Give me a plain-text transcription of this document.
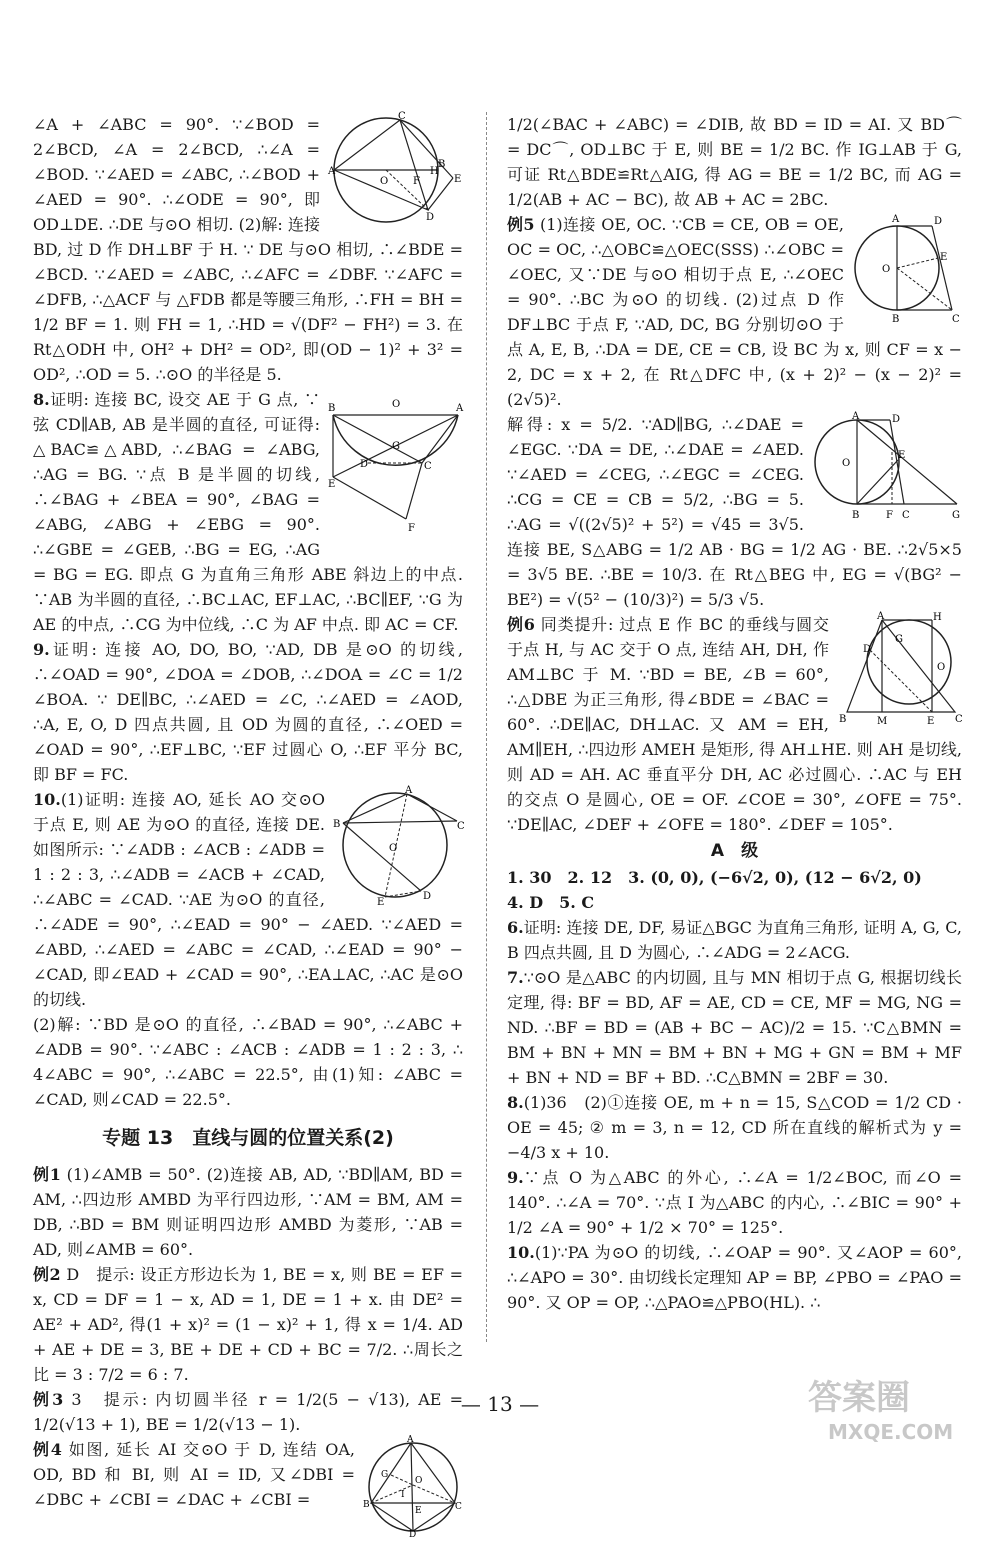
A
C
O F
H
E
D
B

∠A + ∠ABC = 90°. ∵∠BOD = 2∠BCD, ∠A = 2∠BCD, ∴∠A = ∠BOD. ∵∠AED = ∠ABC, ∴∠BOD + ∠AED = 90°. ∴∠ODE = 90°, 即 OD⊥DE. ∴DE 与⊙O 相切. (2)解: 连接 BD, 过 D 作 DH⊥BF 于 H. ∵ DE 与⊙O 相切, ∴∠BDE = ∠BCD. ∵∠AED = ∠ABC, ∴∠AFC = ∠DBF. ∵∠AFC = ∠DFB, ∴△ACF 与 △FDB 都是等腰三角形, ∴FH = BH = 1/2 BF = 1. 则 FH = 1, ∴HD = √(DF² − FH²) = 3. 在 Rt△ODH 中, OH² + DH² = OD², 即(OD − 1)² + 3² = OD², ∴OD = 5. ∴⊙O 的半径是 5.

B	O	A
G
C
D
E
F

8.证明: 连接 BC, 设交 AE 于 G 点, ∵弦 CD∥AB, AB 是半圆的直径, 可证得: △BAC≌△ABD, ∴∠BAG = ∠ABG, ∴AG = BG. ∵点 B 是半圆的切线, ∴∠BAG + ∠BEA = 90°, ∠BAG = ∠ABG, ∠ABG + ∠EBG = 90°. ∴∠GBE = ∠GEB, ∴BG = EG, ∴AG = BG = EG. 即点 G 为直角三角形 ABE 斜边上的中点. ∵AB 为半圆的直径, ∴BC⊥AC, EF⊥AC, ∴BC∥EF, ∵G 为 AE 的中点, ∴CG 为中位线, ∴C 为 AF 中点. 即 AC = CF.

9.证明: 连接 AO, DO, BO, ∵AD, DB 是⊙O 的切线, ∴∠OAD = 90°, ∠DOA = ∠DOB, ∴∠DOA = ∠C = 1/2 ∠BOA. ∵ DE∥BC, ∴∠AED = ∠C, ∴∠AED = ∠AOD, ∴A, E, O, D 四点共圆, 且 OD 为圆的直径, ∴∠OED = ∠OAD = 90°, ∴EF⊥BC, ∵EF 过圆心 O, ∴EF 平分 BC, 即 BF = FC.

B
A
C
O
D
E

10.(1)证明: 连接 AO, 延长 AO 交⊙O 于点 E, 则 AE 为⊙O 的直径, 连接 DE. 如图所示: ∵∠ADB : ∠ACB : ∠ADB = 1 : 2 : 3, ∴∠ADB = ∠ACB + ∠CAD, ∴∠ABC = ∠CAD. ∵AE 为⊙O 的直径, ∴∠ADE = 90°, ∴∠EAD = 90° − ∠AED. ∵∠AED = ∠ABD, ∴∠AED = ∠ABC = ∠CAD, ∴∠EAD = 90° − ∠CAD, 即∠EAD + ∠CAD = 90°, ∴EA⊥AC, ∴AC 是⊙O 的切线.

(2)解: ∵BD 是⊙O 的直径, ∴∠BAD = 90°, ∴∠ABC + ∠ADB = 90°. ∵∠ABC : ∠ACB : ∠ADB = 1 : 2 : 3, ∴ 4∠ABC = 90°, ∴∠ABC = 22.5°, 由(1)知: ∠ABC = ∠CAD, 则∠CAD = 22.5°.

专题 13　直线与圆的位置关系(2)

例1 (1)∠AMB = 50°. (2)连接 AB, AD, ∵BD∥AM, BD = AM, ∴四边形 AMBD 为平行四边形, ∵AM = BM, AM = DB, ∴BD = BM 则证明四边形 AMBD 为菱形, ∵AB = AD, 则∠AMB = 60°.

例2 D　提示: 设正方形边长为 1, BE = x, 则 BE = EF = x, CD = DF = 1 − x, AD = 1, DE = 1 + x. 由 DE² = AE² + AD², 得(1 + x)² = (1 − x)² + 1, 得 x = 1/4. AD + AE + DE = 3, BE + DE + CD + BC = 7/2. ∴周长之比 = 3 : 7/2 = 6 : 7.

例3 3　提示: 内切圆半径 r = 1/2(5 − √13), AE = 1/2(√13 + 1), BE = 1/2(√13 − 1).

A
G
O
I
B	C
E
D

例4 如图, 延长 AI 交⊙O 于 D, 连结 OA, OD, BD 和 BI, 则 AI = ID, 又∠DBI = ∠DBC + ∠CBI = ∠DAC + ∠CBI =

1/2(∠BAC + ∠ABC) = ∠DIB, 故 BD = ID = AI. 又 BD⌒ = DC⌒, OD⊥BC 于 E, 则 BE = 1/2 BC. 作 IG⊥AB 于 G, 可证 Rt△BDE≌Rt△AIG, 得 AG = BE = 1/2 BC, 而 AG = 1/2(AB + AC − BC), 故 AB + AC = 2BC.

A	D
O
E
B	C

例5 (1)连接 OE, OC. ∵CB = CE, OB = OE, OC = OC, ∴△OBC≌△OEC(SSS) ∴∠OBC = ∠OEC, 又∵DE 与⊙O 相切于点 E, ∴∠OEC = 90°. ∴BC 为⊙O 的切线. (2)过点 D 作 DF⊥BC 于点 F, ∵AD, DC, BG 分别切⊙O 于点 A, E, B, ∴DA = DE, CE = CB, 设 BC 为 x, 则 CF = x − 2, DC = x + 2, 在 Rt△DFC 中, (x + 2)² − (x − 2)² = (2√5)².

A	D
O
E
B	F C	G

解得: x = 5/2. ∵AD∥BG, ∴∠DAE = ∠EGC. ∵DA = DE, ∴∠DAE = ∠AED. ∵∠AED = ∠CEG, ∴∠EGC = ∠CEG. ∴CG = CE = CB = 5/2, ∴BG = 5. ∴AG = √((2√5)² + 5²) = √45 = 3√5. 连接 BE, S△ABG = 1/2 AB · BG = 1/2 AG · BE. ∴2√5×5 = 3√5 BE. ∴BE = 10/3. 在 Rt△BEG 中, EG = √(BG² − BE²) = √(5² − (10/3)²) = 5/3 √5.

A	H
D
G
O
B	M	E C

例6 同类提升: 过点 E 作 BC 的垂线与圆交于点 H, 与 AC 交于 O 点, 连结 AH, DH, 作 AM⊥BC 于 M. ∵BD = BE, ∠B = 60°, ∴△DBE 为正三角形, 得∠BDE = ∠BAC = 60°. ∴DE∥AC, DH⊥AC. 又 AM = EH, AM∥EH, ∴四边形 AMEH 是矩形, 得 AH⊥HE. 则 AH 是切线, 则 AD = AH. AC 垂直平分 DH, AC 必过圆心. ∴AC 与 EH 的交点 O 是圆心, OE = OF. ∠COE = 30°, ∠OFE = 75°. ∵DE∥AC, ∠DEF + ∠OFE = 180°. ∠DEF = 105°.

A　级

1. 30　2. 12　3. (0, 0), (−6√2, 0), (12 − 6√2, 0)

4. D　5. C

6.证明: 连接 DE, DF, 易证△BGC 为直角三角形, 证明 A, G, C, B 四点共圆, 且 D 为圆心, ∴∠ADG = 2∠ACG.

7.∵⊙O 是△ABC 的内切圆, 且与 MN 相切于点 G, 根据切线长定理, 得: BF = BD, AF = AE, CD = CE, MF = MG, NG = ND. ∴BF = BD = (AB + BC − AC)/2 = 15. ∵C△BMN = BM + BN + MN = BM + BN + MG + GN = BM + MF + BN + ND = BF + BD. ∴C△BMN = 2BF = 30.

8.(1)36　(2)①连接 OE, m + n = 15, S△COD = 1/2 CD · OE = 45; ② m = 3, n = 12, CD 所在直线的解析式为 y = −4/3 x + 10.

9.∵点 O 为△ABC 的外心, ∴∠A = 1/2∠BOC, 而∠O = 140°. ∴∠A = 70°. ∵点 I 为△ABC 的内心, ∴∠BIC = 90° + 1/2 ∠A = 90° + 1/2 × 70° = 125°.

10.(1)∵PA 为⊙O 的切线, ∴∠OAP = 90°. 又∠AOP = 60°, ∴∠APO = 30°. 由切线长定理知 AP = BP, ∠PBO = ∠PAO = 90°. 又 OP = OP, ∴△PAO≌△PBO(HL). ∴

— 13 —	答案圈
MXQE.COM
